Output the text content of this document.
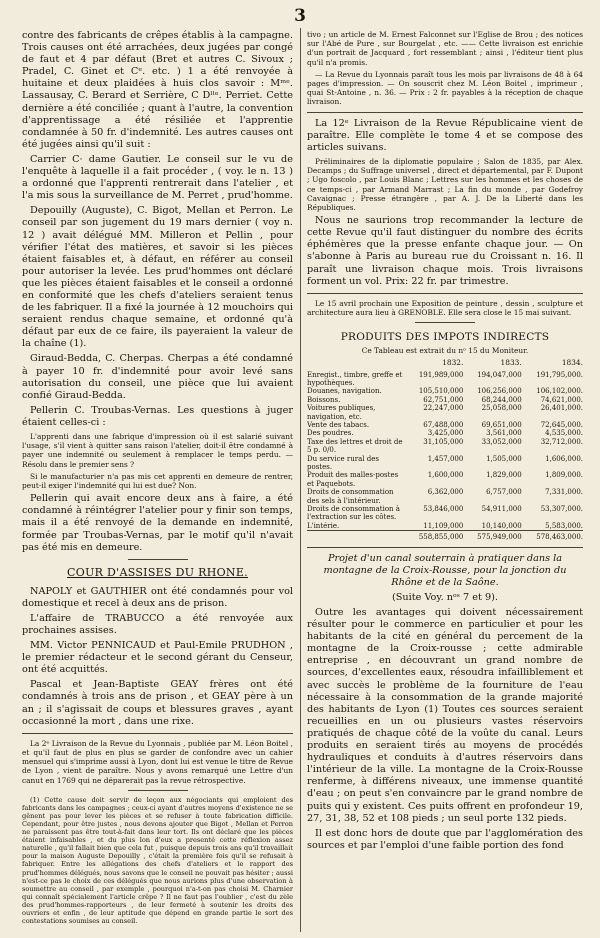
3

contre des fabricants de crêpes établis à la campagne. Trois causes ont été arrachées, deux jugées par congé de faut et 4 par défaut (Bret et autres C. Sivoux ; Pradel, C. Ginet et Cᵉ. etc. ) 1 a été renvoyée à huitaine et deux plaidées à huis clos savoir : Mᵐᵉ. Lassausay, C. Berard et Serrière, C Dˡˡᵉ. Perriet. Cette dernière a été conciliée ; quant à l'autre, la convention d'apprentissage a été résiliée et l'apprentie condamnée à 50 fr. d'indemnité. Les autres causes ont été jugées ainsi qu'il suit :

Carrier C· dame Gautier. Le conseil sur le vu de l'enquête à laquelle il a fait procéder , ( voy. le n. 13 ) a ordonné que l'apprenti rentrerait dans l'atelier , et l'a mis sous la surveillance de M. Perret , prud'homme.

Depouilly (Auguste), C. Bigot, Mellan et Perron. Le conseil par son jugement du 19 mars dernier ( voy n. 12 ) avait délégué MM. Milleron et Pellin , pour vérifier l'état des matières, et savoir si les pièces étaient faisables et, à défaut, en référer au conseil pour autoriser la levée. Les prud'hommes ont déclaré que les pièces étaient faisables et le conseil a ordonné en conformité que les chefs d'ateliers seraient tenus de les fabriquer. Il a fixé la journée à 12 mouchoirs qui seraient rendus chaque semaine, et ordonné qu'à défaut par eux de ce faire, ils payeraient la valeur de la chaîne (1).

Giraud-Bedda, C. Cherpas. Cherpas a été condamné à payer 10 fr. d'indemnité pour avoir levé sans autorisation du conseil, une pièce que lui avaient confié Giraud-Bedda.

Pellerin C. Troubas-Vernas. Les questions à juger étaient celles-ci :

L'apprenti dans une fabrique d'impression où il est salarié suivant l'usage, s'il vient à quitter sans raison l'atelier, doit-il être condamné à payer une indemnité ou seulement à remplacer le temps perdu. — Résolu dans le premier sens ?

Si le manufacturier n'a pas mis cet apprenti en demeure de rentrer, peut-il exiger l'indemnité qui lui est due? Non.

Pellerin qui avait encore deux ans à faire, a été condamné à réintégrer l'atelier pour y finir son temps, mais il a été renvoyé de la demande en indemnité, formée par Troubas-Vernas, par le motif qu'il n'avait pas été mis en demeure.

COUR D'ASSISES DU RHONE.

NAPOLY et GAUTHIER ont été condamnés pour vol domestique et recel à deux ans de prison.

L'affaire de TRABUCCO a été renvoyée aux prochaines assises.

MM. Victor PENNICAUD et Paul-Emile PRUDHON , le premier rédacteur et le second gérant du Censeur, ont été acquittés.

Pascal et Jean-Baptiste GEAY frères ont été condamnés à trois ans de prison , et GEAY père à un an ; il s'agissait de coups et blessures graves , ayant occasionné la mort , dans une rixe.

La 2ᵉ Livraison de la Revue du Lyonnais , publiée par M. Léon Boitel , et qu'il faut de plus en plus se garder de confondre avec un cahier mensuel qui s'imprime aussi à Lyon, dont lui est venue le titre de Revue de Lyon , vient de paraître. Nous y avons remarqué une Lettre d'un canut en 1769 qui ne déparerait pas la revue rétrospective.

(1) Cette cause doit servir de leçon aux négociants qui emploient des fabricants dans les campagnes ; ceux-ci ayant d'autres moyens d'existence ne se gênent pas pour lever les pièces et se refuser à toute fabrication difficile. Cependant, pour être justes , nous devons ajouter que Bigot , Mellan et Perron ne paraissent pas être tout-à-fait dans leur tort. Ils ont déclaré que les pièces étaient infaisables , et du plus lon d'eux a presenté cette réflexion assez naturelle , qu'il fallait bien que cela fut , puisque depuis trois ans qu'il travaillait pour la maison Auguste Depouilly , c'était la première fois qu'il se refusait à fabriquer. Entre les allégations des chefs d'ateliers et le rapport des prud'hommes délégués, nous savons que le conseil ne pouvait pas hésiter ; aussi n'est-ce pas le choix de ces délégués que nous aurions plus d'une observation à soumettre au conseil , par exemple , pourquoi n'a-t-on pas choisi M. Charnier qui connaît spécialement l'article crêpe ? Il ne faut pas l'oublier , c'est du zèle des prud'hommes-rapporteurs , de leur fermeté à soutenir les droits des ouvriers et enfin , de leur aptitude que dépend en grande partie le sort des contestations soumises au conseil.

tivo ; un article de M. Ernest Falconnet sur l'Eglise de Brou ; des notices sur l'Abé de Pure , sur Bourgelat , etc. —— Cette livraison est enrichie d'un portrait de Jacquard , fort ressemblant ; ainsi , l'éditeur tient plus qu'il n'a promis.

— La Revue du Lyonnais paraît tous les mois par livraisons de 48 à 64 pages d'impression. — On souscrit chez M. Léon Boitel , imprimeur , quai St-Antoine , n. 36. — Prix : 2 fr. payables à la réception de chaque livraison.

La 12ᵉ Livraison de la Revue Républicaine vient de paraître. Elle complète le tome 4 et se compose des articles suivans.

Préliminaires de la diplomatie populaire ; Salon de 1835, par Alex. Decamps ; du Suffrage universel , direct et départemental, par F. Dupont ; Ugo foscolo , par Louis Blanc ; Lettres sur les hommes et les choses de ce temps-ci , par Armand Marrast ; La fin du monde , par Godefroy Cavaignac ; Presse étrangère , par A. J. De la Liberté dans les Républiques.

Nous ne saurions trop recommander la lecture de cette Revue qu'il faut distinguer du nombre des écrits éphémères que la presse enfante chaque jour. — On s'abonne à Paris au bureau rue du Croissant n. 16. Il paraît une livraison chaque mois. Trois livraisons forment un vol. Prix: 22 fr. par trimestre.

Le 15 avril prochain une Exposition de peinture , dessin , sculpture et architecture aura lieu à GRENOBLE. Elle sera close le 15 mai suivant.

PRODUITS DES IMPOTS INDIRECTS
Ce Tableau est extrait du nᵒ 15 du Moniteur.
	1832.	1833.	1834.
Enregist., timbre, greffe et hypothèques.	191,989,000	194,047,000	191,795,000.
Douanes, navigation.	105,510,000	106,256,000	106,102,000.
Boissons.	62,751,000	68,244,000	74,621,000.
Voitures publiques, navigation, etc.	22,247,000	25,058,000	26,401,000.
Vente des tabacs.	67,488,000	69,651,000	72,645,000.
Des poudres.	3,425,000	3,561,000	4,535,000.
Taxe des lettres et droit de 5 p. 0/0.	31,105,000	33,052,000	32,712,000.
Du service rural des postes.	1,457,000	1,505,000	1,606,000.
Produit des malles-postes et Paquebots.	1,600,000	1,829,000	1,809,000.
Droits de consommation des sels à l'intérieur.	6,362,000	6,757,000	7,331,000.
Droits de consommation à l'extraction sur les côtes.	53,846,000	54,911,000	53,307,000.
L'intérie.	11,109,000	10,140,000	5,583,000.
	558,855,000	575,949,000	578,463,000.

Projet d'un canal souterrain à pratiquer dans la montagne de la Croix-Rousse, pour la jonction du Rhône et de la Saône.

(Suite Voy. nᵒˢ 7 et 9).

Outre les avantages qui doivent nécessairement résulter pour le commerce en particulier et pour les habitants de la cité en général du percement de la montagne de la Croix-rousse ; cette admirable entreprise , en découvrant un grand nombre de sources, d'excellentes eaux, résoudra infailliblement et avec succès le problème de la fourniture de l'eau nécessaire à la consommation de la grande majorité des habitants de Lyon (1) Toutes ces sources seraient recueillies en un ou plusieurs vastes réservoirs pratiqués de chaque côté de la voûte du canal. Leurs produits en seraient tirés au moyens de procédés hydrauliques et conduits à d'autres réservoirs dans l'intérieur de la ville. La montagne de la Croix-Rousse renferme, à différens niveaux, une immense quantité d'eau ; on peut s'en convaincre par le grand nombre de puits qui y existent. Ces puits offrent en profondeur 19, 27, 31, 38, 52 et 108 pieds ; un seul porte 132 pieds.

Il est donc hors de doute que par l'agglomération des sources et par l'emploi d'une faible portion des fond
